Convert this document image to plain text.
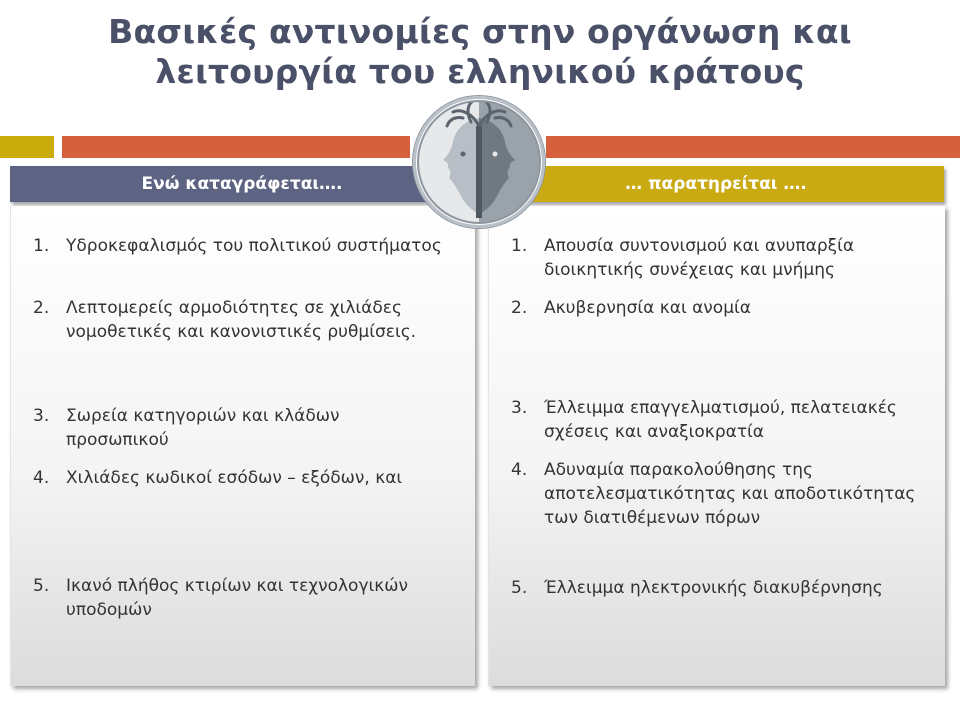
Βασικές αντινομίες στην οργάνωση και
λειτουργία του ελληνικού κράτους
Ενώ καταγράφεται….	… παρατηρείται ….
1. Υδροκεφαλισμός του πολιτικού συστήματος
2. Λεπτομερείς αρμοδιότητες σε χιλιάδες νομοθετικές και κανονιστικές ρυθμίσεις.
3. Σωρεία κατηγοριών και κλάδων προσωπικού
4. Χιλιάδες κωδικοί εσόδων – εξόδων, και
5. Ικανό πλήθος κτιρίων και τεχνολογικών υποδομών
1. Απουσία συντονισμού και ανυπαρξία διοικητικής συνέχειας και μνήμης
2. Ακυβερνησία και ανομία
3. Έλλειμμα επαγγελματισμού, πελατειακές σχέσεις και αναξιοκρατία
4. Αδυναμία παρακολούθησης της αποτελεσματικότητας και αποδοτικότητας των διατιθέμενων πόρων
5. Έλλειμμα ηλεκτρονικής διακυβέρνησης
